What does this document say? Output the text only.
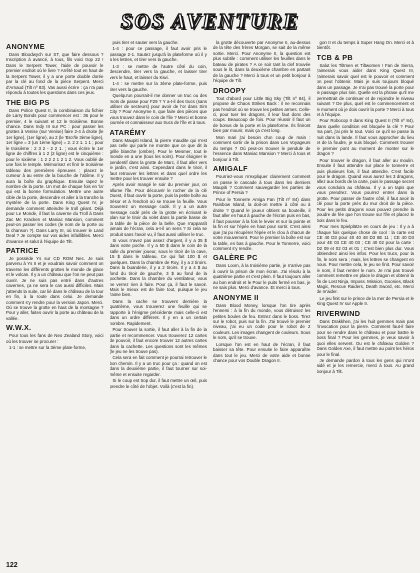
SOS AVENTURE
ANONYME

Dans Bloodwych sur ST, que faire dessous ? Inscription à avancé, à tous, fils voici trop 22 ! Dans le Serpent Tower, l'aide de pouvoir le premier endroit où le livre ? Arrêté tout en haut de la Serpent Tower, il y a une porte double dorée par la clé au fond de la pièce Serpent. Merci d'Arnaud (Tilt nº 83). Vas aussi écrire : ça n'a pas répondu à toutes les questions dans ces jeux.

THE BIG PS

Dans Police Quest II, la combinaison du fichier de Larry Bonds pour commencer est : 36 pour le premier, 4 le suivant et 12 le troisième. Bonne chance. Dans Indy III sur PC : pour passer les grottes à Venise (sur Venise) faire 2-4 à droite (le 1er ligne), (1er ligne), au 2 (le 'Bro'/le 3ème ligne), 1er ligne = 3 (un 1ème ligne) = 2. 2 2 1. 1 1 ; pour le troisième : 2 3 2 - 2 2 1. ; vous écrire le 1er ligne de chiffres à 1 2 (2 ligne) est le cinquième : pour le sixième : 1 2 2 2 1 2 1 2. Vous oublié de une fois le temple. Mémorisez et finir le troisième tableau des premières épreuves : placez le curseur à au entre de la bouche de l'abîme. Il y aura la boîte du graphique. Ensuite tapez le nombre de la porte. Un mot de chaque fois en 'la' qui est la bonne formulation. Mettre une autre cible de la porte, descendre et aller à la tranche la mystère de la porte. Dans King Quest IV, je demande comment atteindre le troll géant. Déjà pour Le Monde, il faut la caverne du Troll à Dans Zac Mc Kracken et Maniac Mansion, comment peut-on passer les codes (le nom de la porte ou la chanson ?). Dans Larry III, où trouver le Land Deal ? Je compte sur vos aides infaillibles. Merci d'avance et salut à l'équipe de Tilt.

PATRICE

Je possède Ys sur CD ROM Nec. Je suis parvenu à Ys II et je voudrais savoir comment on traverse les différents grottes le monde de glace et le volcan. Il y a un château que l'on ne peut pas ouvrir. Je ne suis pas entré dans d'autres cavernes, ça ne sera le cas aussi difficiles. Mais j'attends la suite, car lié dans le château de la tour en fin, à la route dans celui. Je demande comment s'y rendre pour la version Japon. Merci. Où se trouve la grotte en haut de la montagne ? Pour y aller, faites ouvrir la porte au château de la vallée.

W.W.X.

Pour tous les fans de Neo Zealand Story, voici où les trouver se procurer :

1-1 : se mettre sur la 3ème plate-forme,

puis tirer et sauter vers la gauche.

1-4 : pour ce passage, il faut avoir pris le passage 2-1. Sautez jusqu'à la plateforme où il y a les lettres, et tirer vers la gauche.

1-3 : se mettre de l'autre côté du coin, descendre, tirer vers la gauche, et laisser tirer vers le haut, et laisser du Kiwi.

1-4 : se mettre sur la 3ème plate-forme, puis tirer vers la gauche.

Quelqu'un pourrait-il me donner un truc ou des mots de passe pour F29 ? Y a-t-il des trucs (sans utiliser de secteurs) pour avoir de l'or dans Sim City ? Pour Anonyme II, que faire des pièces que vous trouvez dans le coin de l'île ? Merci et bonne journée et connaisseur aux trucs de l'île et à tous.

ATARÉMY

Dans Maupiti Island, la pierre maudite qui n'est pas celle qui parle ne montre que ce que dit la grille blanche (ombre). Pour le Mesmer, tout le monde en a une (tous les soirs). Pour éloigner le pendentif dans la grotte de Marc, il faut aller vers le jardin, c'est ainsi. Cependant dans le tiroir, il faut retrouver les lettres et dans quel ordre les mettre pour les trouver ensuite ?

Après avoir mangé le soir du premier jour, on allume l'île. Pour découvrir le rocher de la clé Ouest, il faut ouvrir la porte, puis la petite boîte au trésor et à l'endroit où se trouve la feuille. Vous trouverez un message codé. Il y a un autre message codé près de la grotte en écrivant le plan sur le tiroir du volet dans la partie basse de la table de la pièce de la belle. Que n'apparaît jamais de l'écran, cela a-t-il un sens ? Si cela se produit sans l'avoir vu, il faut aussi utiliser le truc.

Si vous n'avez pas assez d'argent, il y a 35 $ dans votre poche. Il y a 50 $ dans le coin de la salle du premier joueur, sous le tiroir de la cave, 15 $ dans le tableau. Ce qui fait 100 $ et quelques. Dans la chambre de Roy, il y a 2 tiroirs. Dans la buanderie, il y a 2 tiroirs. Il y a 4 $ au fond du tiroir de gauche, 3 $ au fond de la pochette. Dans la chambre du ventilateur, vous ne verrez rien à faire. Pour ça, il faut le savoir. Mais le mieux est de faire tout, puisque le jeu l'aime bien.

Dans la cache se trouvent dernière la quatrième, vous trouverez une feuille qui se rapporte à l'énigme précédente mais celle-ci est dans un ordre différent. Il y en a un certain nombre. Rapidement.

Pour trouver la sortie, il faut aller à la fin de la partie et recommencer. Vous trouverez 12 cartes de pouvoir, il faut encore trouver 12 autres cartes dans la cachette. Les questions sont les mêmes (le jeu ne les trouve pas).

Cela sera en fait comment je pourrai retrouver le bon chemin. Il y a un truc pour ça : quand on est dans la deuxième partie, il faut tourner sur soi-même et ensuite regarder.

Si le coup est trop dur, il faut mettre un œil, puis prendre le côté de l'objet. Voilà (c'est la fin).

la grotte découverte par Anonyme II, au-dessus de la tête des frères Morgan, se sait de la même sortie. Merci. Pour Anonyme II, la question est plus subtile : comment utiliser les feuilles dans le bateau de pirates ? A ce soir tant la clef trouvée sous le lit, dans la deuxième chambre en partant de la gauche ? Merci à tous et un petit bonjour à l'équipe de Tilt.

DROOPY

Tout d'abord pour Little Big Sky (Tilt nº 84), il propose de Chaos Strikes Back : il ne reconnais pas l'endroit où se trouve les petites armes. Celle-ci, pour tuer les dragons, il leur faut donc des coups. Beaucoup de fois. Pour réussir il faut un de bonus de la porte et la plateforme. Ils finiront bien par mourir, mais ça c'est long.

Mon mari j'ai besoin d'un coup de main : comment sortir de la prison dans Les Voyageurs du temps ? Où peut-on trouver le pendule de l'essence dans Maniac Mansion ? Merci à tous et bonjour à Tilt.

AMIGALF

Pourriez-vous m'expliquer clairement comment on passe le cascade à tous dans les derniers Maupiti ? Comment sauvegarder les parties de Prince of Persia ?

Pour le Tonnerre Amiga Fan (Tilt nº 84) dans Rainbow Island, la doit-on mettre à côté ou à droite ? Quand le joueur obtient sa bouteille, il faut aller en haut à gauche de l'écran puis en bas, il faut pousser à la fois le levier et sur la pointe et la fin et sur l'épée en haut pour sortir. C'est ainsi que j'ai pu récupérer l'épée et le clou à chacun de votre mouvement. Pour le premier la boîte est sur la table, en bas à gauche. Pour le Tonnerre, voici comment s'y rendre.

GALÈRE PC

Dans Loom, à la troisième partie, je n'arrive pas à ouvrir la prison de mon écran. J'ai résolu à la quatrième partie et c'est plein. Il faut toujours aller au bon endroit et le Pour le puits fermé en bas, je ne sais plus. Merci d'avance. Et merci à tous.

ANONYME II

Dans Blood Money, lorsque l'on tire après l'ennemi : à la fin du monde, vous détruisez les petites boules de feu. Entrez dans le boss. Tirez sur le robot, puis sur la fin. J'ai trouvé le premier niveau, j'ai eu un code pour le robot de 2 couleurs. Les images changent de couleurs. Sous le nom, qu'il se trouve.

Lorsque l'on est en haut de l'écran, il faut baisser sa tête. Pour ensuite le faire apparaître dans tout le jeu. Merci de votre aide et bonne chance pour vos Double Dragon II.

gon II et du temps à Super Hang On. Merci et à bientôt.

TCB & PB

Salut les Tiltmen et Tiltwomen ! Fan de Sierra, j'aimerais vous aider dans King Quest III, j'aimerais savoir quel est le pouvoir et comment on peut l'obtenir. Mais je suis toujours bloqué dans un passage. Je n'ai pas trouvé la porte pour le passage plus loin. Quelle est la phrase qu'il me permettrait de continuer et de rejoindre le niveau suivant ? De plus, quel est le commencement et le moment où je dois ouvrir la porte ? Merci à tous et à l'équipe.

Pour Robocop II dans King Quest II (Tilt nº 84), dans quelle condition est bloquée la clé ? Pour ma part, j'ai pris le tout. Voici ce qu'il se passe la nuit dans la lande. Il faut vous approcher du lieu et de la foudre, je suis bloqué. Comment trouver le premier pont au moment de monter sur le dragon ?

Pour trouver le dragon, il faut aller au moulin. Ensuite il faut attendre sur place le tonnerre et puis plusieurs fois, il faut attendre. C'est facile pour le dragon. Quand vous aurez les 3 dragons, allez aux bords de la carte, puis le passage secret vous conduira au château. Il y a un tapis que vous prendrez. Vous pourrez entrer dans la grotte. Pour passer de l'autre côté, il faut avoir la clé pour la porte près du mur droit de la pièce. Pour les petits dragons vous pouvez prendre la poudre de fée que l'on trouve sur l'île et placez le bois dans le feu.

Pour mes Spielplätze en cours de jeu : Il y a à chaque fois quelque chose de cool : la carte est CE 40 D3 pour 40 40 48 D3 8E 11 ; CE 40 D3 pour 4E 03 CE 40 03 ; CE 40 02 pour la carte : D2 09 et 02 03 et 01 ; C'est bien plus dur. Vous obtiendrez ainsi les infos. Pour les trucs, pour la fin, le nom sera ; mais, les lettres se changent en nous. Pour mettre cela, le jeu se finit. Pour savoir le nom, il faut rentrer le nom. Je n'ai pas trouvé comment remettre en place le dragon et obtenir la fin de Lost Ninja, Imposs. Mission, Goonies, Black Magic, Rescue Raiders, Death Sword, etc. Merci de m'aider.

Le jeu finit sur le prince de la mer de Persia et le King Quest IV sur Apple II.

RIVERWIND

Dans Drakkhen, j'ai les huit gemmes mais pas l'invocation pour la pierre. Comment faut-il faire pour se rendre dans le château et pour battre le boss final ? Pour les gemmes, je veux savoir à quoi elles servent. Ou est le château Golden ? Dans Golden Axe, il faut mettre au point les héros pour le final.

Je demande pardon à tous les gens qui m'ont aidé et je les remercie, merci à tous. Au grand bonjour à Tilt.

122
